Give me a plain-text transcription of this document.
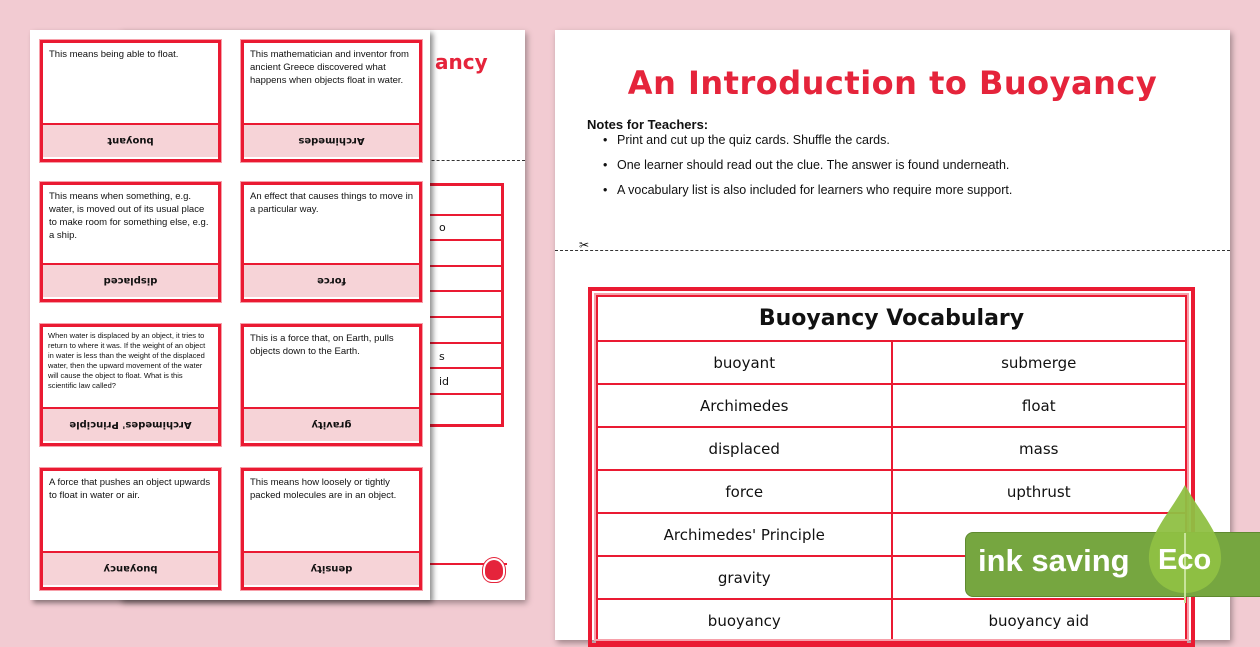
ancy
o
s
id
This means being able to float.
buoyant
This mathematician and inventor from ancient Greece discovered what happens when objects float in water.
Archimedes
This means when something, e.g. water, is moved out of its usual place to make room for something else, e.g. a ship.
displaced
An effect that causes things to move in a particular way.
force
When water is displaced by an object, it tries to return to where it was. If the weight of an object in water is less than the weight of the displaced water, then the upward movement of the water will cause the object to float. What is this scientific law called?
Archimedes' Principle
This is a force that, on Earth, pulls objects down to the Earth.
gravity
A force that pushes an object upwards to float in water or air.
buoyancy
This means how loosely or tightly packed molecules are in an object.
density
An Introduction to Buoyancy
Notes for Teachers:
• Print and cut up the quiz cards. Shuffle the cards.
• One learner should read out the clue. The answer is found underneath.
• A vocabulary list is also included for learners who require more support.
✂
Buoyancy Vocabulary
buoyant	submerge
Archimedes	float
displaced	mass
force	upthrust
Archimedes' Principle
gravity
buoyancy	buoyancy aid
ink saving Eco
